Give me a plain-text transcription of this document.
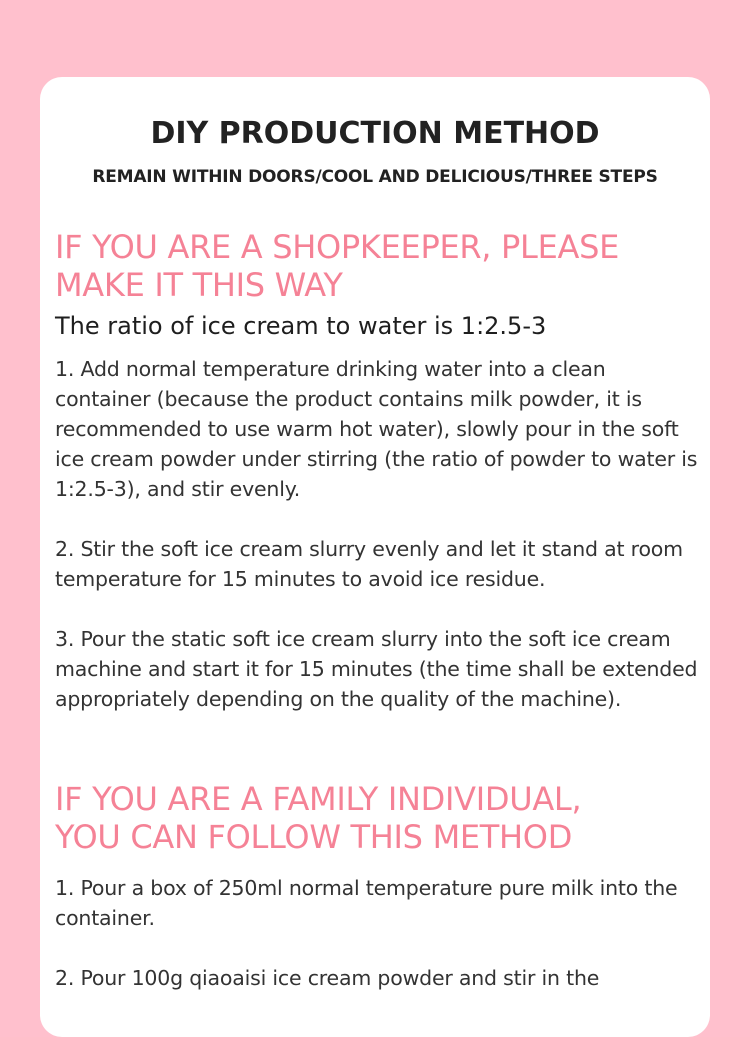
DIY PRODUCTION METHOD

REMAIN WITHIN DOORS/COOL AND DELICIOUS/THREE STEPS

IF YOU ARE A SHOPKEEPER, PLEASE
MAKE IT THIS WAY

The ratio of ice cream to water is 1:2.5-3

1. Add normal temperature drinking water into a clean container (because the product contains milk powder, it is recommended to use warm hot water), slowly pour in the soft ice cream powder under stirring (the ratio of powder to water is 1:2.5-3), and stir evenly.

2. Stir the soft ice cream slurry evenly and let it stand at room temperature for 15 minutes to avoid ice residue.

3. Pour the static soft ice cream slurry into the soft ice cream machine and start it for 15 minutes (the time shall be extended appropriately depending on the quality of the machine).

IF YOU ARE A FAMILY INDIVIDUAL,
YOU CAN FOLLOW THIS METHOD

1. Pour a box of 250ml normal temperature pure milk into the container.

2. Pour 100g qiaoaisi ice cream powder and stir in the
